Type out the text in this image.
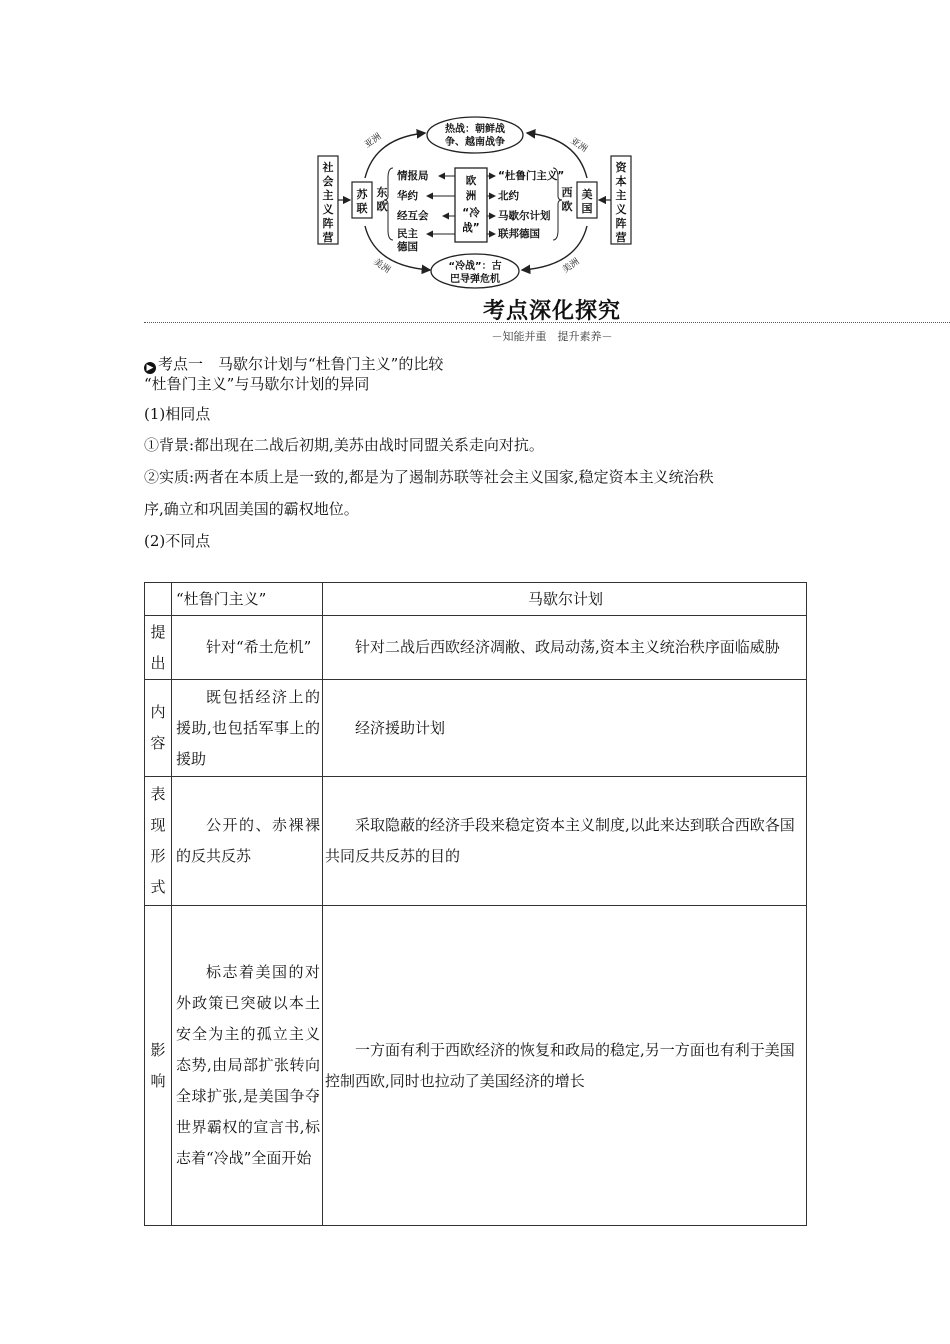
热战：朝鲜战
争、越南战争
“冷战”：古
巴导弹危机
亚洲	亚洲
美洲	美洲
社
会
主
义
阵
营
资
本
主
义
阵
营
苏
联
美
国
东
欧
西
欧
情报局
华约
经互会
民主
德国
欧
洲
“冷
战”
“杜鲁门主义”
北约
马歇尔计划
联邦德国
考点深化探究
－知能并重　提升素养－
▶ 考点一　马歇尔计划与“杜鲁门主义”的比较
“杜鲁门主义”与马歇尔计划的异同
(1)相同点
①背景:都出现在二战后初期,美苏由战时同盟关系走向对抗。
②实质:两者在本质上是一致的,都是为了遏制苏联等社会主义国家,稳定资本主义统治秩
序,确立和巩固美国的霸权地位。
(2)不同点
	“杜鲁门主义”	马歇尔计划
提出	针对“希土危机”	针对二战后西欧经济凋敝、政局动荡,资本主义统治秩序面临威胁
内容	既包括经济上的援助,也包括军事上的援助	经济援助计划
表现形式	公开的、赤裸裸的反共反苏	采取隐蔽的经济手段来稳定资本主义制度,以此来达到联合西欧各国共同反共反苏的目的
影响	标志着美国的对外政策已突破以本土安全为主的孤立主义态势,由局部扩张转向全球扩张,是美国争夺世界霸权的宣言书,标志着“冷战”全面开始	一方面有利于西欧经济的恢复和政局的稳定,另一方面也有利于美国控制西欧,同时也拉动了美国经济的增长
